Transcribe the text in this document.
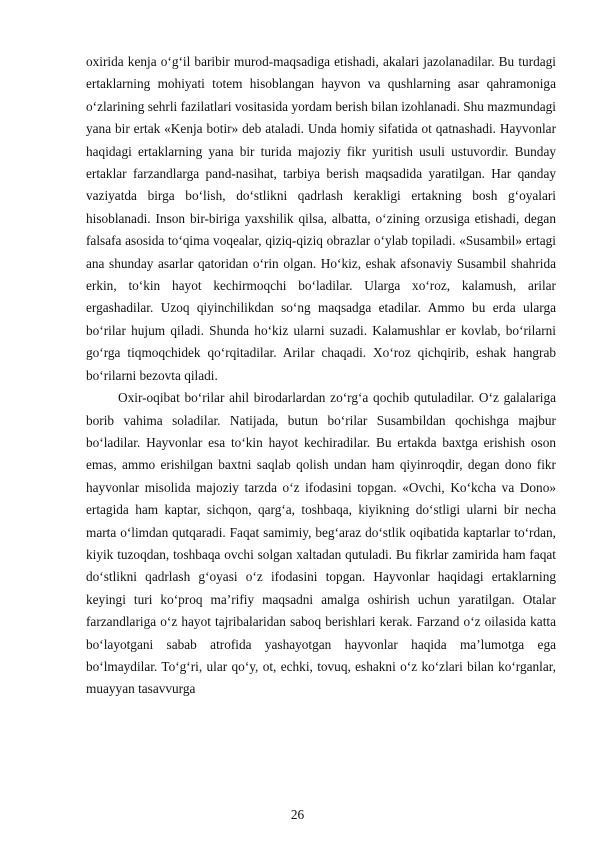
oxirida kenja o‘g‘il baribir murod-maqsadiga etishadi, akalari jazolanadilar. Bu turdagi ertaklarning mohiyati totem hisoblangan hayvon va qushlarning asar qahramoniga o‘zlarining sehrli fazilatlari vositasida yordam berish bilan izohlanadi. Shu mazmundagi yana bir ertak «Kenja botir» deb ataladi. Unda homiy sifatida ot qatnashadi. Hayvonlar haqidagi ertaklarning yana bir turida majoziy fikr yuritish usuli ustuvordir. Bunday ertaklar farzandlarga pand-nasihat, tarbiya berish maqsadida yaratilgan. Har qanday vaziyatda birga bo‘lish, do‘stlikni qadrlash kerakligi ertakning bosh g‘oyalari hisoblanadi. Inson bir-biriga yaxshilik qilsa, albatta, o‘zining orzusiga etishadi, degan falsafa asosida to‘qima voqealar, qiziq-qiziq obrazlar o‘ylab topiladi. «Susambil» ertagi ana shunday asarlar qatoridan o‘rin olgan. Ho‘kiz, eshak afsonaviy Susambil shahrida erkin, to‘kin hayot kechirmoqchi bo‘ladilar. Ularga xo‘roz, kalamush, arilar ergashadilar. Uzoq qiyinchilikdan so‘ng maqsadga etadilar. Ammo bu erda ularga bo‘rilar hujum qiladi. Shunda ho‘kiz ularni suzadi. Kalamushlar er kovlab, bo‘rilarni go‘rga tiqmoqchidek qo‘rqitadilar. Arilar chaqadi. Xo‘roz qichqirib, eshak hangrab bo‘rilarni bezovta qiladi.

Oxir-oqibat bo‘rilar ahil birodarlardan zo‘rg‘a qochib qutuladilar. O‘z galalariga borib vahima soladilar. Natijada, butun bo‘rilar Susambildan qochishga majbur bo‘ladilar. Hayvonlar esa to‘kin hayot kechiradilar. Bu ertakda baxtga erishish oson emas, ammo erishilgan baxtni saqlab qolish undan ham qiyinroqdir, degan dono fikr hayvonlar misolida majoziy tarzda o‘z ifodasini topgan. «Ovchi, Ko‘kcha va Dono» ertagida ham kaptar, sichqon, qarg‘a, toshbaqa, kiyikning do‘stligi ularni bir necha marta o‘limdan qutqaradi. Faqat samimiy, beg‘araz do‘stlik oqibatida kaptarlar to‘rdan, kiyik tuzoqdan, toshbaqa ovchi solgan xaltadan qutuladi. Bu fikrlar zamirida ham faqat do‘stlikni qadrlash g‘oyasi o‘z ifodasini topgan. Hayvonlar haqidagi ertaklarning keyingi turi ko‘proq ma’rifiy maqsadni amalga oshirish uchun yaratilgan. Otalar farzandlariga o‘z hayot tajribalaridan saboq berishlari kerak. Farzand o‘z oilasida katta bo‘layotgani sabab atrofida yashayotgan hayvonlar haqida ma’lumotga ega bo‘lmaydilar. To‘g‘ri, ular qo‘y, ot, echki, tovuq, eshakni o‘z ko‘zlari bilan ko‘rganlar, muayyan tasavvurga

26
